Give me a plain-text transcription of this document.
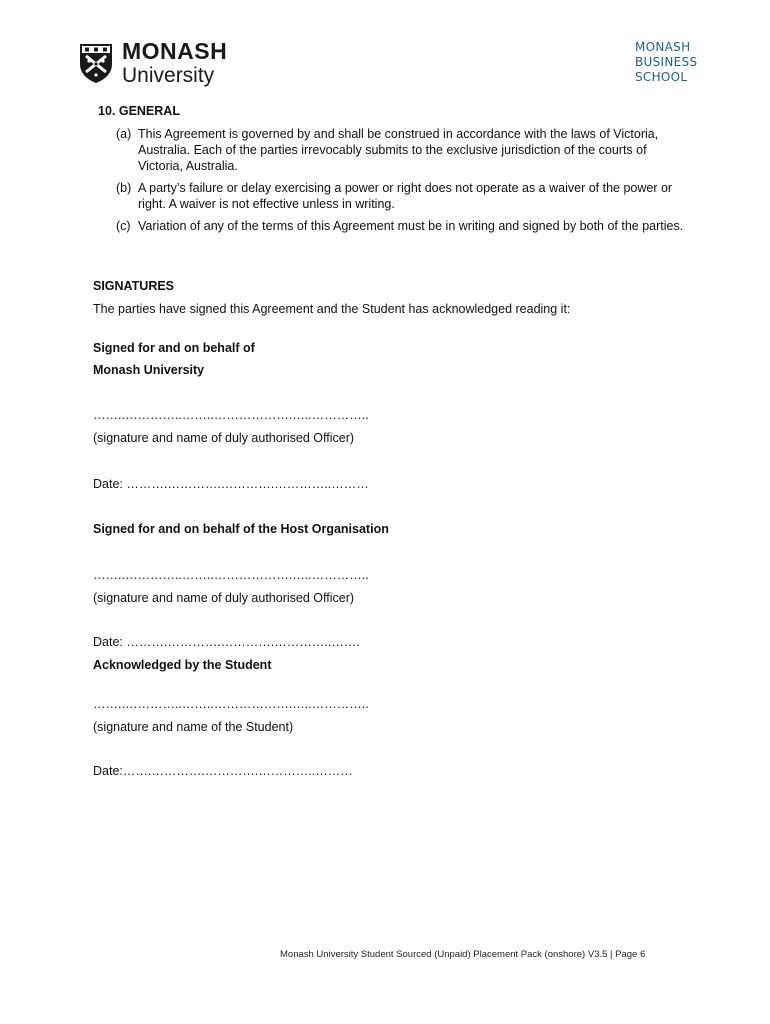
MONASH
University
MONASH
BUSINESS
SCHOOL
10. GENERAL
(a) This Agreement is governed by and shall be construed in accordance with the laws of Victoria, Australia. Each of the parties irrevocably submits to the exclusive jurisdiction of the courts of Victoria, Australia.
(b) A party’s failure or delay exercising a power or right does not operate as a waiver of the power or right. A waiver is not effective unless in writing.
(c) Variation of any of the terms of this Agreement must be in writing and signed by both of the parties.
SIGNATURES
The parties have signed this Agreement and the Student has acknowledged reading it:
Signed for and on behalf of
Monash University
……..…………..……..……………….…..…………..
(signature and name of duly authorised Officer)
Date: ……….………….………….…………..………
Signed for and on behalf of the Host Organisation
……..…………..……..……………….…..…………..
(signature and name of duly authorised Officer)
Date: ……….………….………….…………..…….
Acknowledged by the Student
……..…………..……..……………….…..…………..
(signature and name of the Student)
Date:…….………….………….…………..………
Monash University Student Sourced (Unpaid) Placement Pack (onshore) V3.5 | Page 6
